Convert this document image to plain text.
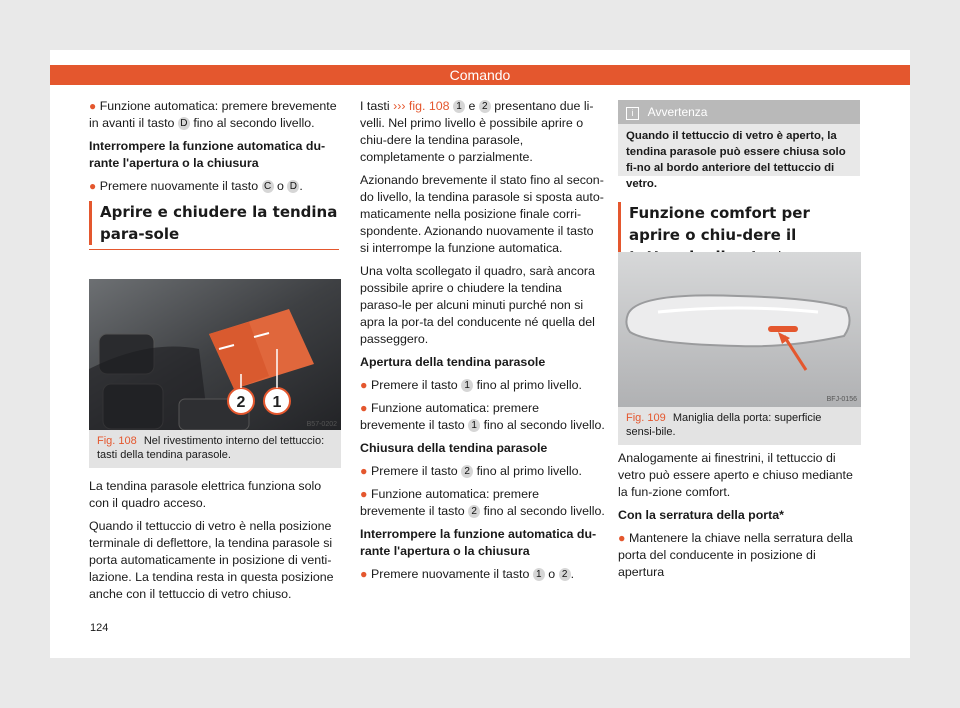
Comando

● Funzione automatica: premere brevemente in avanti il tasto D fino al secondo livello.

Interrompere la funzione automatica du-rante l'apertura o la chiusura

● Premere nuovamente il tasto C o D .

Aprire e chiudere la tendina para-sole
2 1
B57-0202
Fig. 108 Nel rivestimento interno del tettuccio: tasti della tendina parasole.

La tendina parasole elettrica funziona solo con il quadro acceso.

Quando il tettuccio di vetro è nella posizione terminale di deflettore, la tendina parasole si porta automaticamente in posizione di venti-lazione. La tendina resta in questa posizione anche con il tettuccio di vetro chiuso.

I tasti ››› fig. 108 1 e 2 presentano due li-velli. Nel primo livello è possibile aprire o chiu-dere la tendina parasole, completamente o parzialmente.

Azionando brevemente il stato fino al secon-do livello, la tendina parasole si sposta auto-maticamente nella posizione finale corri-spondente. Azionando nuovamente il tasto si interrompe la funzione automatica.

Una volta scollegato il quadro, sarà ancora possibile aprire o chiudere la tendina paraso-le per alcuni minuti purché non si apra la por-ta del conducente né quella del passeggero.

Apertura della tendina parasole

● Premere il tasto 1 fino al primo livello.

● Funzione automatica: premere brevemente il tasto 1 fino al secondo livello.

Chiusura della tendina parasole

● Premere il tasto 2 fino al primo livello.

● Funzione automatica: premere brevemente il tasto 2 fino al secondo livello.

Interrompere la funzione automatica du-rante l'apertura o la chiusura

● Premere nuovamente il tasto 1 o 2 .

i Avvertenza
Quando il tettuccio di vetro è aperto, la tendina parasole può essere chiusa solo fi-no al bordo anteriore del tettuccio di vetro.
Funzione comfort per aprire o chiu-dere il
BFJ-0156
Fig. 109 Maniglia della porta: superficie sensi-bile.

Analogamente ai finestrini, il tettuccio di vetro può essere aperto e chiuso mediante la fun-zione comfort.

Con la serratura della porta*

● Mantenere la chiave nella serratura della porta del conducente in posizione di apertura

124
